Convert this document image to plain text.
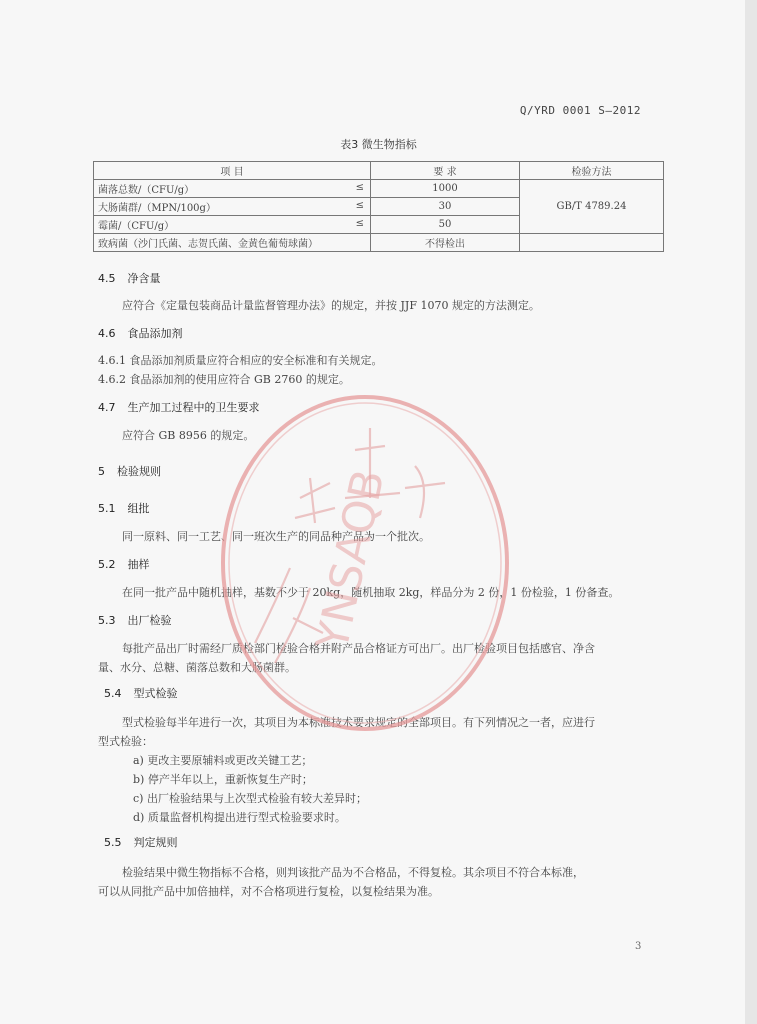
Q/YRD 0001 S—2012
表3 微生物指标
项 目	要 求	检验方法
菌落总数/（CFU/g） ≤	1000	GB/T 4789.24
大肠菌群/（MPN/100g） ≤	30	
霉菌/（CFU/g） ≤	50	
致病菌（沙门氏菌、志贺氏菌、金黄色葡萄球菌）	不得检出	
4.5 净含量
应符合《定量包装商品计量监督管理办法》的规定，并按 JJF 1070 规定的方法测定。
4.6 食品添加剂
4.6.1 食品添加剂质量应符合相应的安全标准和有关规定。
4.6.2 食品添加剂的使用应符合 GB 2760 的规定。
4.7 生产加工过程中的卫生要求
应符合 GB 8956 的规定。
5 检验规则
5.1 组批
同一原料、同一工艺、同一班次生产的同品种产品为一个批次。
5.2 抽样
在同一批产品中随机抽样，基数不少于 20kg，随机抽取 2kg，样品分为 2 份，1 份检验，1 份备查。
5.3 出厂检验
每批产品出厂时需经厂质检部门检验合格并附产品合格证方可出厂。出厂检验项目包括感官、净含
量、水分、总糖、菌落总数和大肠菌群。
5.4 型式检验
型式检验每半年进行一次，其项目为本标准技术要求规定的全部项目。有下列情况之一者，应进行
型式检验：
a) 更改主要原辅料或更改关键工艺；
b) 停产半年以上，重新恢复生产时；
c) 出厂检验结果与上次型式检验有较大差异时；
d) 质量监督机构提出进行型式检验要求时。
5.5 判定规则
检验结果中微生物指标不合格，则判该批产品为不合格品，不得复检。其余项目不符合本标准，
可以从同批产品中加倍抽样，对不合格项进行复检，以复检结果为准。
3
YNSAQB
